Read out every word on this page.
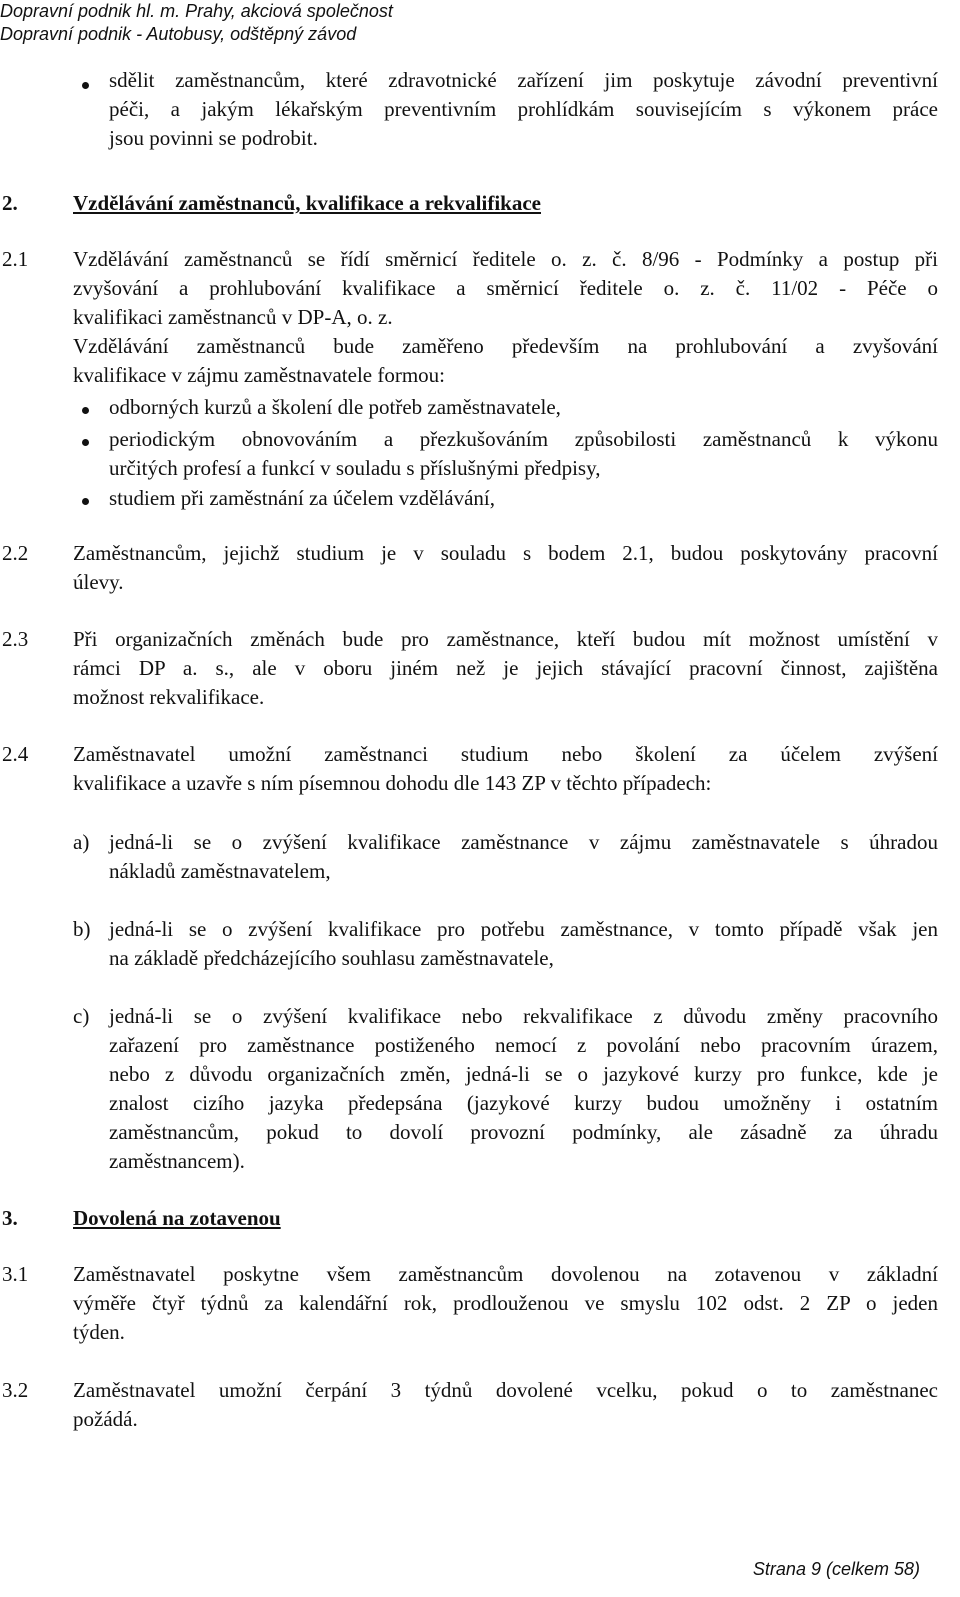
Dopravní podnik hl. m. Prahy, akciová společnost
Dopravní podnik - Autobusy, odštěpný závod
sdělit zaměstnancům, které zdravotnické zařízení jim poskytuje závodní preventivní
péči, a jakým lékařským preventivním prohlídkám souvisejícím s výkonem práce
jsou povinni se podrobit.
2.	Vzdělávání zaměstnanců, kvalifikace a rekvalifikace
2.1	Vzdělávání zaměstnanců se řídí směrnicí ředitele o. z. č. 8/96 - Podmínky a postup při
zvyšování a prohlubování kvalifikace a směrnicí ředitele o. z. č. 11/02 - Péče o
kvalifikaci zaměstnanců v DP-A, o. z.
Vzdělávání zaměstnanců bude zaměřeno především na prohlubování a zvyšování
kvalifikace v zájmu zaměstnavatele formou:
odborných kurzů a školení dle potřeb zaměstnavatele,
periodickým obnovováním a přezkušováním způsobilosti zaměstnanců k výkonu
určitých profesí a funkcí v souladu s příslušnými předpisy,
studiem při zaměstnání za účelem vzdělávání,
2.2	Zaměstnancům, jejichž studium je v souladu s bodem 2.1, budou poskytovány pracovní
úlevy.
2.3	Při organizačních změnách bude pro zaměstnance, kteří budou mít možnost umístění v
rámci DP a. s., ale v oboru jiném než je jejich stávající pracovní činnost, zajištěna
možnost rekvalifikace.
2.4	Zaměstnavatel umožní zaměstnanci studium nebo školení za účelem zvýšení
kvalifikace a uzavře s ním písemnou dohodu dle 143 ZP v těchto případech:
a) jedná-li se o zvýšení kvalifikace zaměstnance v zájmu zaměstnavatele s úhradou
nákladů zaměstnavatelem,
b) jedná-li se o zvýšení kvalifikace pro potřebu zaměstnance, v tomto případě však jen
na základě předcházejícího souhlasu zaměstnavatele,
c) jedná-li se o zvýšení kvalifikace nebo rekvalifikace z důvodu změny pracovního
zařazení pro zaměstnance postiženého nemocí z povolání nebo pracovním úrazem,
nebo z důvodu organizačních změn, jedná-li se o jazykové kurzy pro funkce, kde je
znalost cizího jazyka předepsána (jazykové kurzy budou umožněny i ostatním
zaměstnancům, pokud to dovolí provozní podmínky, ale zásadně za úhradu
zaměstnancem).
3.	Dovolená na zotavenou
3.1	Zaměstnavatel poskytne všem zaměstnancům dovolenou na zotavenou v základní
výměře čtyř týdnů za kalendářní rok, prodlouženou ve smyslu 102 odst. 2 ZP o jeden
týden.
3.2	Zaměstnavatel umožní čerpání 3 týdnů dovolené vcelku, pokud o to zaměstnanec
požádá.
Strana 9 (celkem 58)
